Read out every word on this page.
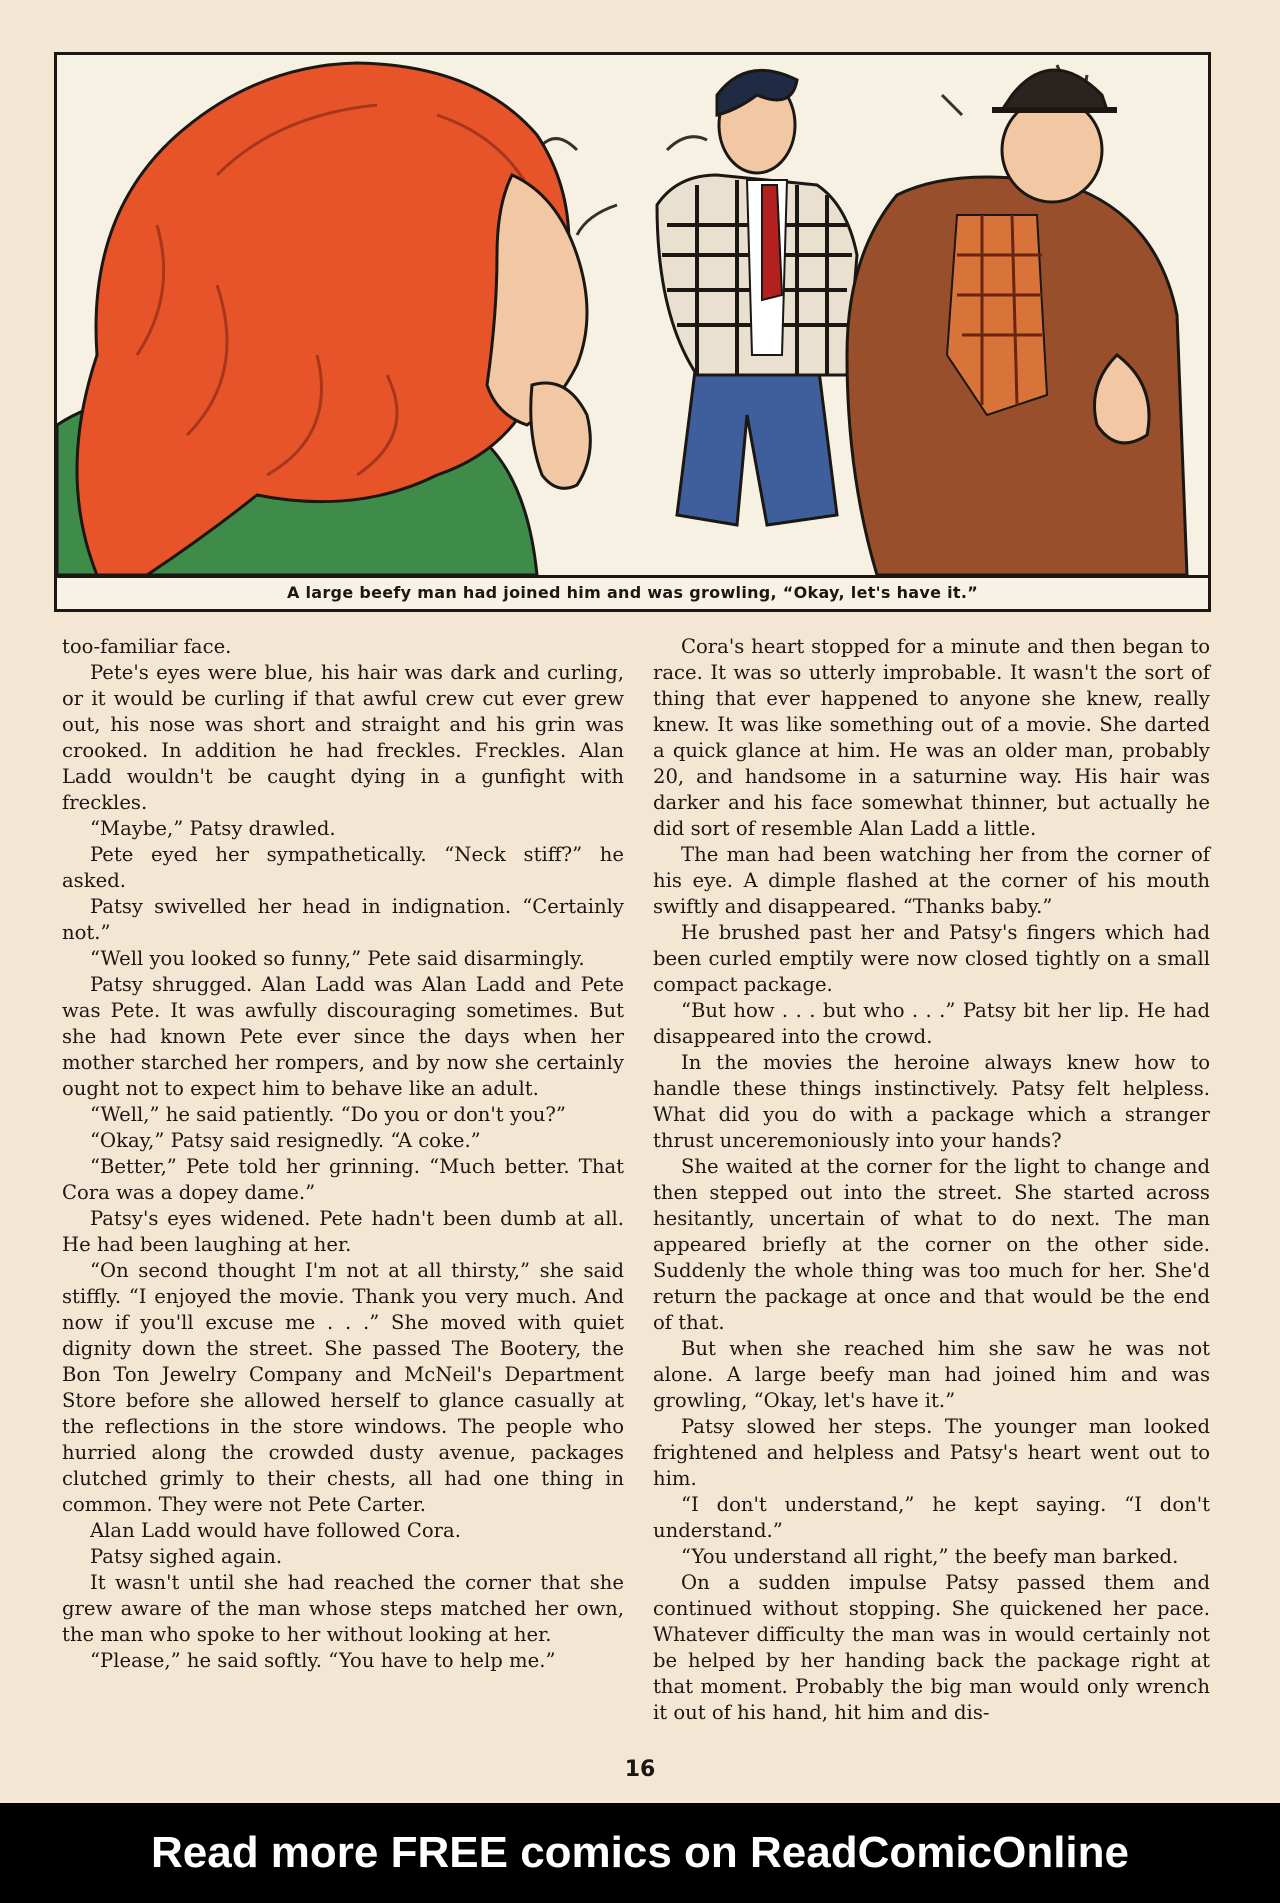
A large beefy man had joined him and was growling, “Okay, let's have it.”

too-familiar face.

Pete's eyes were blue, his hair was dark and curling, or it would be curling if that awful crew cut ever grew out, his nose was short and straight and his grin was crooked. In addition he had freckles. Freckles. Alan Ladd wouldn't be caught dying in a gunfight with freckles.

“Maybe,” Patsy drawled.

Pete eyed her sympathetically. “Neck stiff?” he asked.

Patsy swivelled her head in indignation. “Certainly not.”

“Well you looked so funny,” Pete said disarmingly.

Patsy shrugged. Alan Ladd was Alan Ladd and Pete was Pete. It was awfully discouraging sometimes. But she had known Pete ever since the days when her mother starched her rompers, and by now she certainly ought not to expect him to behave like an adult.

“Well,” he said patiently. “Do you or don't you?”

“Okay,” Patsy said resignedly. “A coke.”

“Better,” Pete told her grinning. “Much better. That Cora was a dopey dame.”

Patsy's eyes widened. Pete hadn't been dumb at all. He had been laughing at her.

“On second thought I'm not at all thirsty,” she said stiffly. “I enjoyed the movie. Thank you very much. And now if you'll excuse me . . .” She moved with quiet dignity down the street. She passed The Bootery, the Bon Ton Jewelry Company and McNeil's Department Store before she allowed herself to glance casually at the reflections in the store windows. The people who hurried along the crowded dusty avenue, packages clutched grimly to their chests, all had one thing in common. They were not Pete Carter.

Alan Ladd would have followed Cora.

Patsy sighed again.

It wasn't until she had reached the corner that she grew aware of the man whose steps matched her own, the man who spoke to her without looking at her.

“Please,” he said softly. “You have to help me.”

Cora's heart stopped for a minute and then began to race. It was so utterly improbable. It wasn't the sort of thing that ever happened to anyone she knew, really knew. It was like something out of a movie. She darted a quick glance at him. He was an older man, probably 20, and handsome in a saturnine way. His hair was darker and his face somewhat thinner, but actually he did sort of resemble Alan Ladd a little.

The man had been watching her from the corner of his eye. A dimple flashed at the corner of his mouth swiftly and disappeared. “Thanks baby.”

He brushed past her and Patsy's fingers which had been curled emptily were now closed tightly on a small compact package.

“But how . . . but who . . .” Patsy bit her lip. He had disappeared into the crowd.

In the movies the heroine always knew how to handle these things instinctively. Patsy felt helpless. What did you do with a package which a stranger thrust unceremoniously into your hands?

She waited at the corner for the light to change and then stepped out into the street. She started across hesitantly, uncertain of what to do next. The man appeared briefly at the corner on the other side. Suddenly the whole thing was too much for her. She'd return the package at once and that would be the end of that.

But when she reached him she saw he was not alone. A large beefy man had joined him and was growling, “Okay, let's have it.”

Patsy slowed her steps. The younger man looked frightened and helpless and Patsy's heart went out to him.

“I don't understand,” he kept saying. “I don't understand.”

“You understand all right,” the beefy man barked.

On a sudden impulse Patsy passed them and continued without stopping. She quickened her pace. Whatever difficulty the man was in would certainly not be helped by her handing back the package right at that moment. Probably the big man would only wrench it out of his hand, hit him and dis-

16
Read more FREE comics on ReadComicOnline
